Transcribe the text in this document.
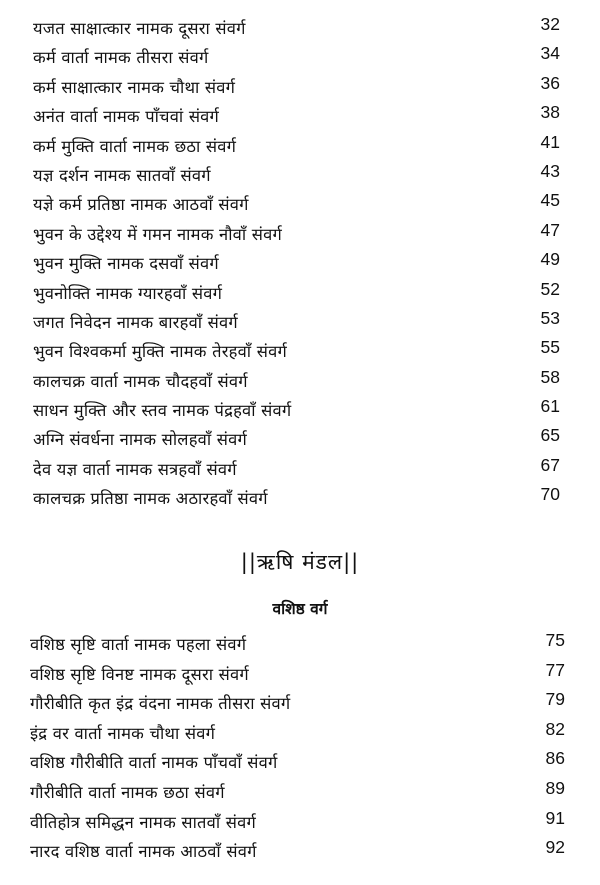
यजत साक्षात्कार नामक दूसरा संवर्ग	32
कर्म वार्ता नामक तीसरा संवर्ग	34
कर्म साक्षात्कार नामक चौथा संवर्ग	36
अनंत वार्ता नामक पाँचवां संवर्ग	38
कर्म मुक्ति वार्ता नामक छठा संवर्ग	41
यज्ञ दर्शन नामक सातवाँ संवर्ग	43
यज्ञे कर्म प्रतिष्ठा नामक आठवाँ संवर्ग	45
भुवन के उद्देश्य में गमन नामक नौवाँ संवर्ग	47
भुवन मुक्ति नामक दसवाँ संवर्ग	49
भुवनोक्ति नामक ग्यारहवाँ संवर्ग	52
जगत निवेदन नामक बारहवाँ संवर्ग	53
भुवन विश्वकर्मा मुक्ति नामक तेरहवाँ संवर्ग	55
कालचक्र वार्ता नामक चौदहवाँ संवर्ग	58
साधन मुक्ति और स्तव नामक पंद्रहवाँ संवर्ग	61
अग्नि संवर्धना नामक सोलहवाँ संवर्ग	65
देव यज्ञ वार्ता नामक सत्रहवाँ संवर्ग	67
कालचक्र प्रतिष्ठा नामक अठारहवाँ संवर्ग	70
||ऋषि मंडल||
वशिष्ठ वर्ग
वशिष्ठ सृष्टि वार्ता नामक पहला संवर्ग	75
वशिष्ठ सृष्टि विनष्ट नामक दूसरा संवर्ग	77
गौरीबीति कृत इंद्र वंदना नामक तीसरा संवर्ग	79
इंद्र वर वार्ता नामक चौथा संवर्ग	82
वशिष्ठ गौरीबीति वार्ता नामक पाँचवाँ संवर्ग	86
गौरीबीति वार्ता नामक छठा संवर्ग	89
वीतिहोत्र समिद्धन नामक सातवाँ संवर्ग	91
नारद वशिष्ठ वार्ता नामक आठवाँ संवर्ग	92
